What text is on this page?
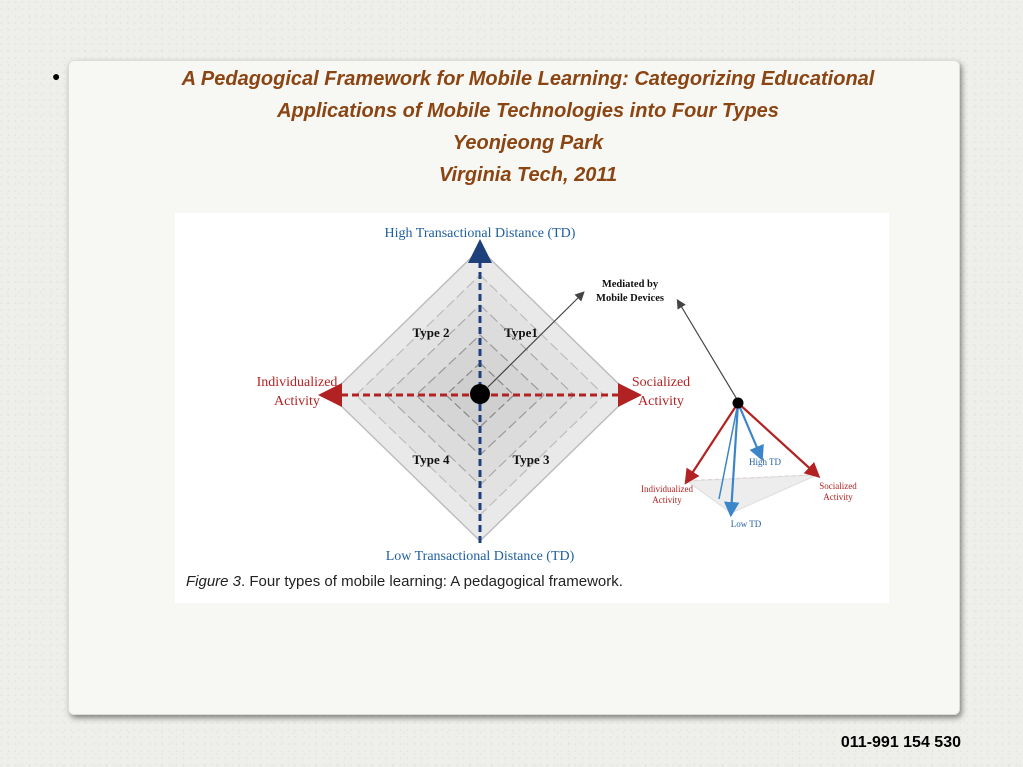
●	A Pedagogical Framework for Mobile Learning: Categorizing Educational
Applications of Mobile Technologies into Four Types
Yeonjeong Park
Virginia Tech, 2011
High Transactional Distance (TD)
Low Transactional Distance (TD)
Individualized
Activity
Socialized
Activity
Type 2	Type1
Type 4	Type 3
Mediated by
Mobile Devices
High TD
Low TD
Individualized
Activity
Socialized
Activity
Figure 3. Four types of mobile learning: A pedagogical framework.
011-991 154 530
